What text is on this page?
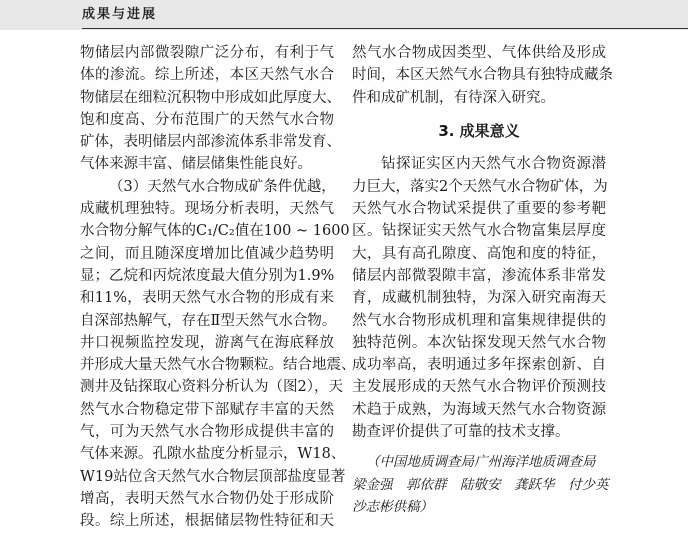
成果与进展
物储层内部微裂隙广泛分布，有利于气
体的渗流。综上所述，本区天然气水合
物储层在细粒沉积物中形成如此厚度大、
饱和度高、分布范围广的天然气水合物
矿体，表明储层内部渗流体系非常发育、
气体来源丰富、储层储集性能良好。
（3）天然气水合物成矿条件优越，
成藏机理独特。现场分析表明，天然气
水合物分解气体的C₁/C₂值在100 ~ 1600
之间，而且随深度增加比值减少趋势明
显；乙烷和丙烷浓度最大值分别为1.9%
和11%，表明天然气水合物的形成有来
自深部热解气，存在Ⅱ型天然气水合物。
井口视频监控发现，游离气在海底释放
并形成大量天然气水合物颗粒。结合地震、
测井及钻探取心资料分析认为（图2），天
然气水合物稳定带下部赋存丰富的天然
气，可为天然气水合物形成提供丰富的
气体来源。孔隙水盐度分析显示，W18、
W19站位含天然气水合物层顶部盐度显著
增高，表明天然气水合物仍处于形成阶
段。综上所述，根据储层物性特征和天
然气水合物成因类型、气体供给及形成
时间，本区天然气水合物具有独特成藏条
件和成矿机制，有待深入研究。
3. 成果意义
钻探证实区内天然气水合物资源潜
力巨大，落实2个天然气水合物矿体，为
天然气水合物试采提供了重要的参考靶
区。钻探证实天然气水合物富集层厚度
大，具有高孔隙度、高饱和度的特征，
储层内部微裂隙丰富，渗流体系非常发
育，成藏机制独特，为深入研究南海天
然气水合物形成机理和富集规律提供的
独特范例。本次钻探发现天然气水合物
成功率高，表明通过多年探索创新、自
主发展形成的天然气水合物评价预测技
术趋于成熟，为海域天然气水合物资源
勘查评价提供了可靠的技术支撑。
（中国地质调查局广州海洋地质调查局
梁金强　郭依群　陆敬安　龚跃华　付少英
沙志彬供稿）
